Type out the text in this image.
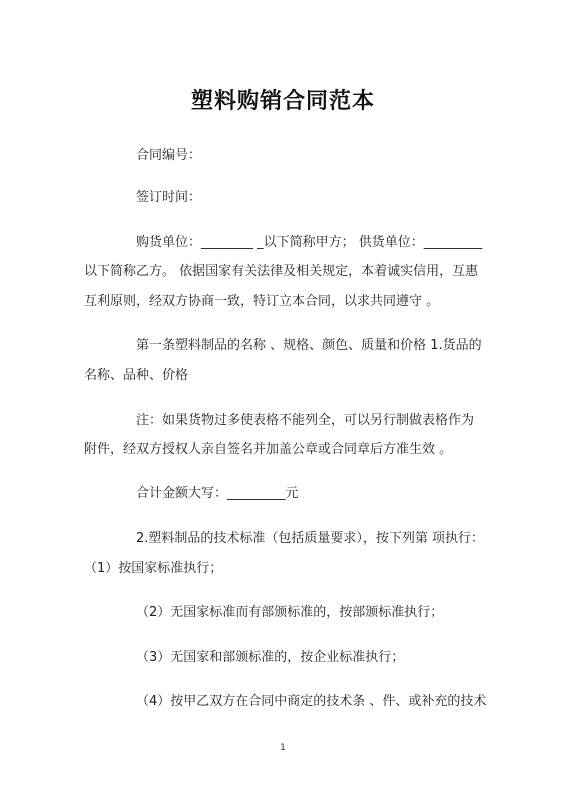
塑料购销合同范本
合同编号：
签订时间：
购货单位：________ _以下简称甲方； 供货单位：_________
以下简称乙方。 依据国家有关法律及相关规定，本着诚实信用，互惠
互利原则，经双方协商一致，特订立本合同，以求共同遵守 。
第一条塑料制品的名称 、规格、颜色、质量和价格 1.货品的
名称、品种、价格
注：如果货物过多使表格不能列全，可以另行制做表格作为
附件，经双方授权人亲自签名并加盖公章或合同章后方准生效 。
合计金额大写：_________元
2.塑料制品的技术标准（包括质量要求），按下列第 项执行：
（1）按国家标准执行；
（2）无国家标准而有部颁标准的，按部颁标准执行；
（3）无国家和部颁标准的，按企业标准执行；
（4）按甲乙双方在合同中商定的技术条 、件、或补充的技术
1
